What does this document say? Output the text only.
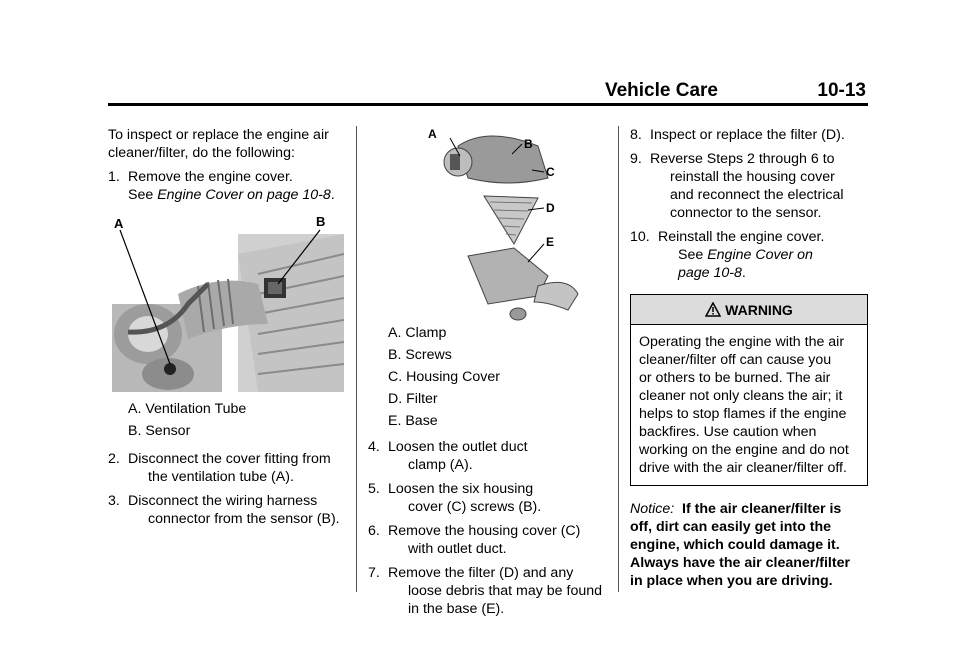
Vehicle Care	10-13

To inspect or replace the engine air cleaner/filter, do the following:

1. Remove the engine cover.
See Engine Cover on page 10-8.
A	B
A. Ventilation Tube
B. Sensor
2. Disconnect the cover fitting from
the ventilation tube (A).
3. Disconnect the wiring harness
connector from the sensor (B).
A
B
C
D
E
A. Clamp
B. Screws
C. Housing Cover
D. Filter
E. Base
4. Loosen the outlet duct
clamp (A).
5. Loosen the six housing
cover (C) screws (B).
6. Remove the housing cover (C)
with outlet duct.
7. Remove the filter (D) and any
loose debris that may be found
in the base (E).
8. Inspect or replace the filter (D).
9. Reverse Steps 2 through 6 to
reinstall the housing cover
and reconnect the electrical
connector to the sensor.
10. Reinstall the engine cover.
See Engine Cover on
page 10-8.
WARNING
Operating the engine with the air
cleaner/filter off can cause you
or others to be burned. The air
cleaner not only cleans the air; it
helps to stop flames if the engine
backfires. Use caution when
working on the engine and do not
drive with the air cleaner/filter off.
Notice: If the air cleaner/filter is
off, dirt can easily get into the
engine, which could damage it.
Always have the air cleaner/filter
in place when you are driving.
